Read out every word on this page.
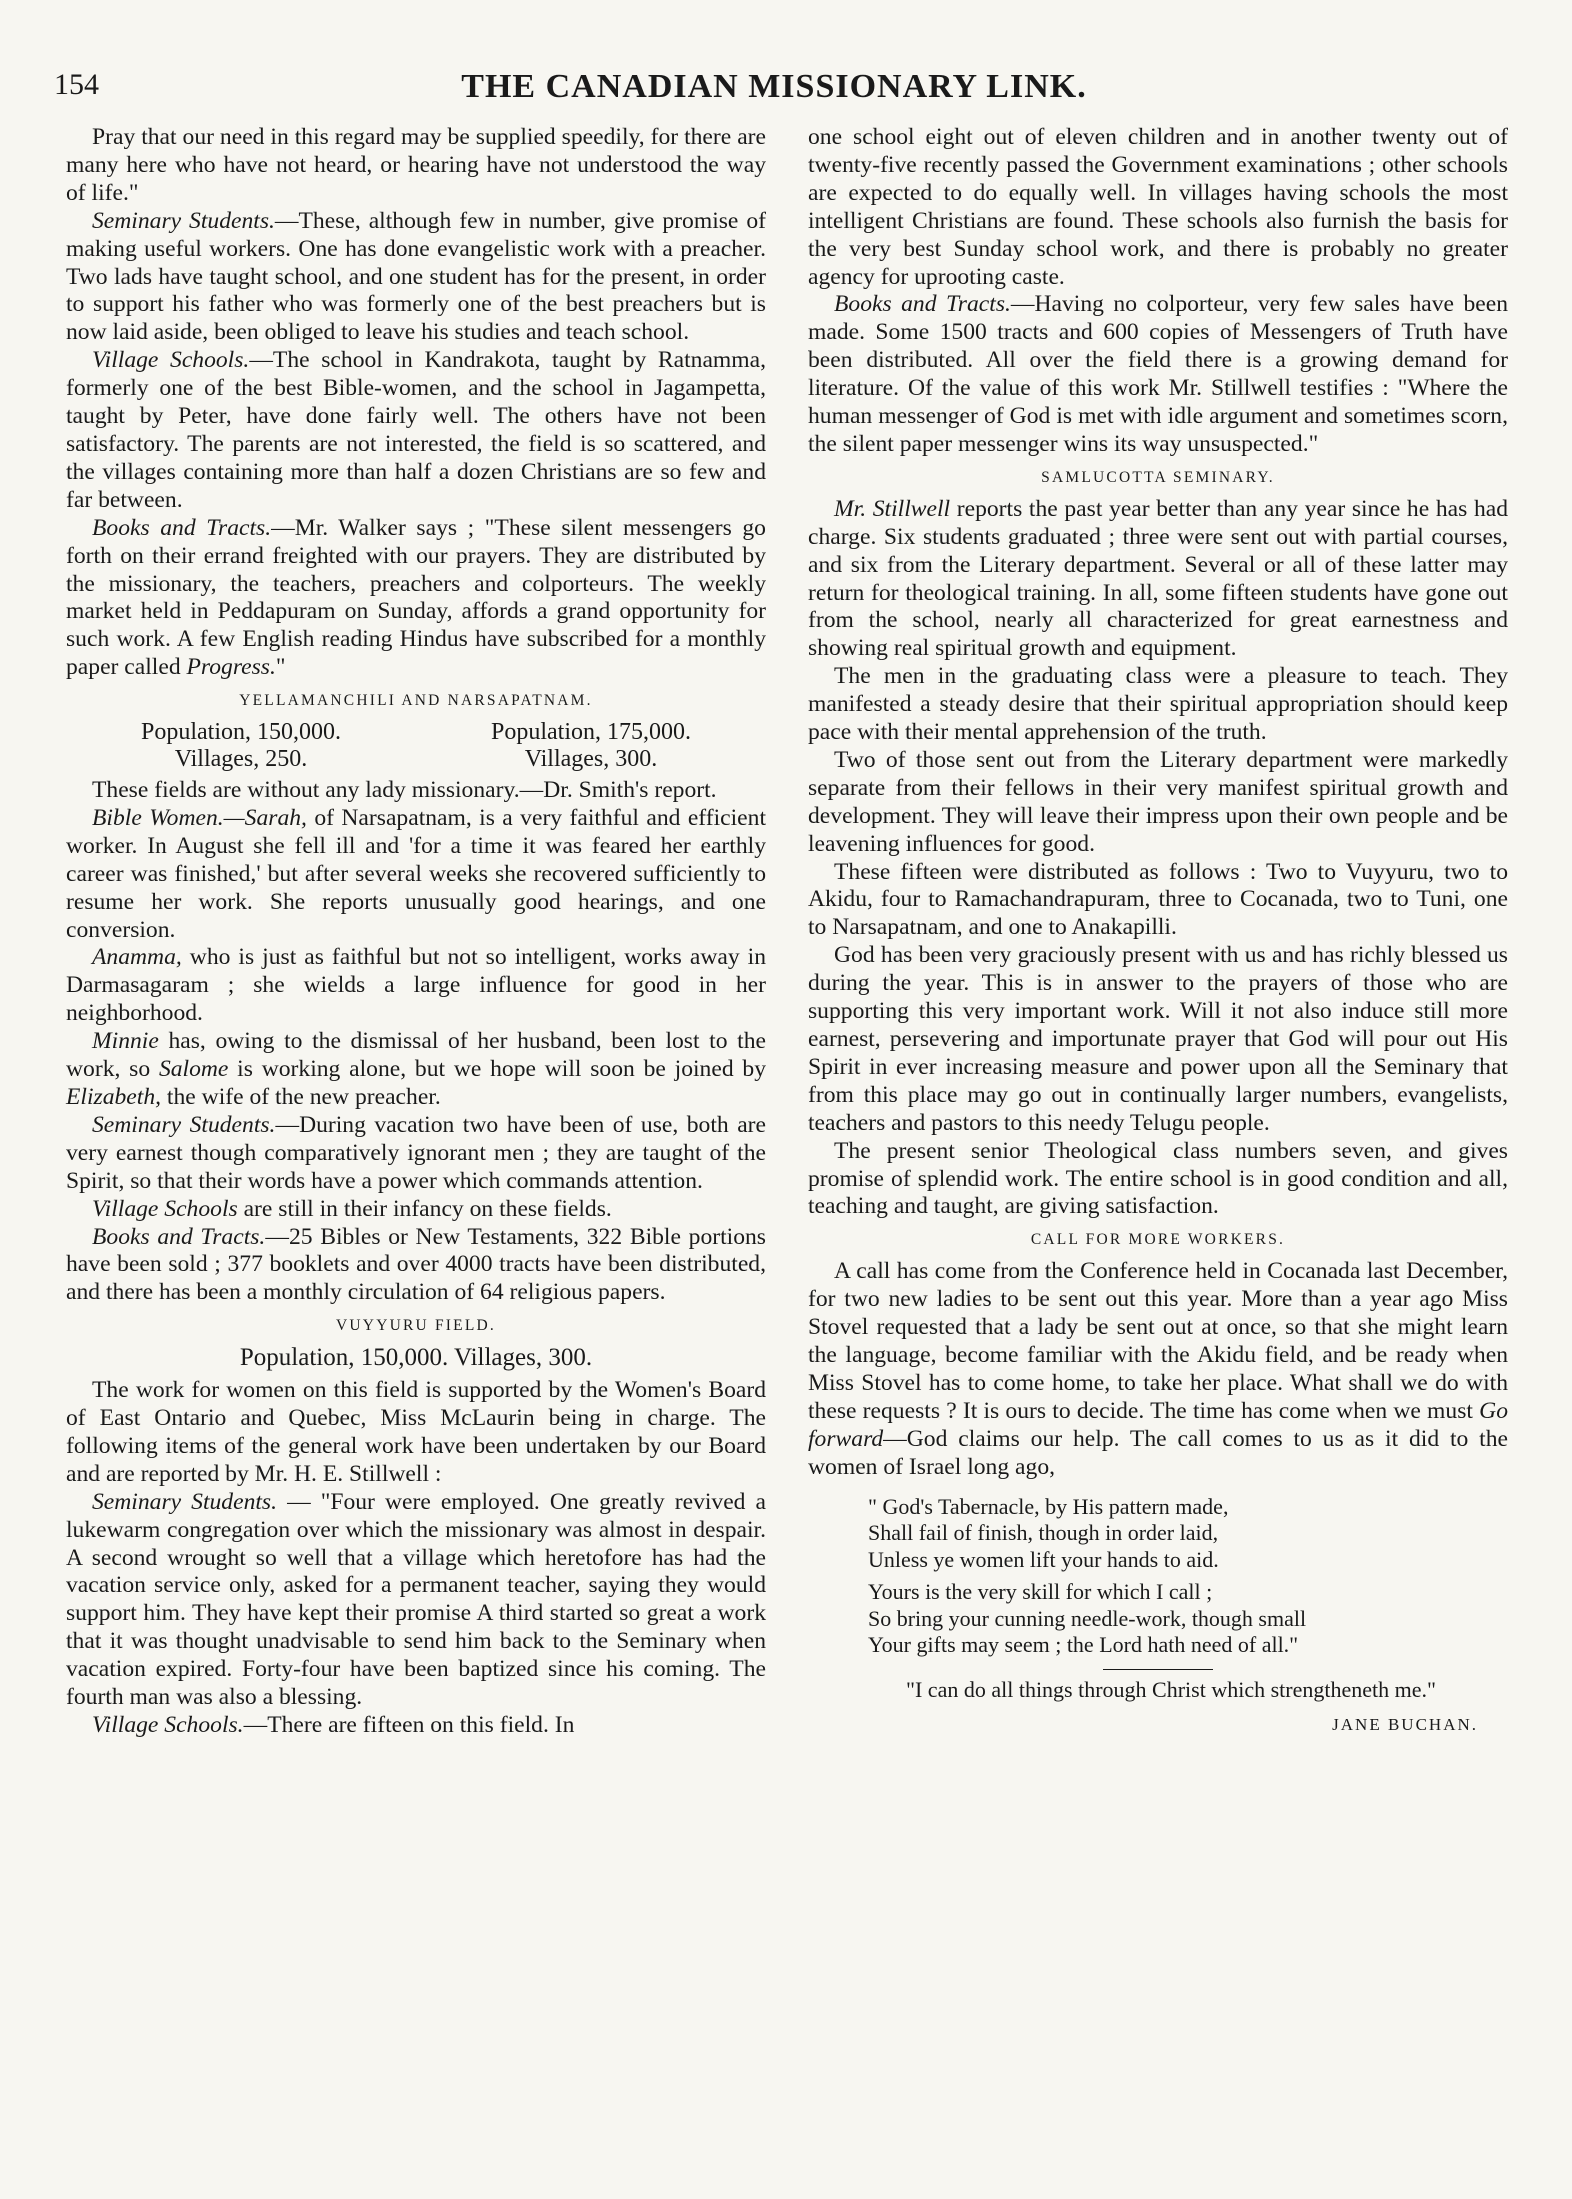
154	THE CANADIAN MISSIONARY LINK.

Pray that our need in this regard may be supplied speedily, for there are many here who have not heard, or hearing have not understood the way of life."

Seminary Students.—These, although few in number, give promise of making useful workers. One has done evangelistic work with a preacher. Two lads have taught school, and one student has for the present, in order to support his father who was formerly one of the best preachers but is now laid aside, been obliged to leave his studies and teach school.

Village Schools.—The school in Kandrakota, taught by Ratnamma, formerly one of the best Bible-women, and the school in Jagampetta, taught by Peter, have done fairly well. The others have not been satisfactory. The parents are not interested, the field is so scattered, and the villages containing more than half a dozen Christians are so few and far between.

Books and Tracts.—Mr. Walker says ; "These silent messengers go forth on their errand freighted with our prayers. They are distributed by the missionary, the teachers, preachers and colporteurs. The weekly market held in Peddapuram on Sunday, affords a grand opportunity for such work. A few English reading Hindus have subscribed for a monthly paper called Progress."

YELLAMANCHILI AND NARSAPATNAM.
Population, 150,000.	Population, 175,000.
Villages, 250.	Villages, 300.

These fields are without any lady missionary.—Dr. Smith's report.

Bible Women.—Sarah, of Narsapatnam, is a very faithful and efficient worker. In August she fell ill and 'for a time it was feared her earthly career was finished,' but after several weeks she recovered sufficiently to resume her work. She reports unusually good hearings, and one conversion.

Anamma, who is just as faithful but not so intelligent, works away in Darmasagaram ; she wields a large influence for good in her neighborhood.

Minnie has, owing to the dismissal of her husband, been lost to the work, so Salome is working alone, but we hope will soon be joined by Elizabeth, the wife of the new preacher.

Seminary Students.—During vacation two have been of use, both are very earnest though comparatively ignorant men ; they are taught of the Spirit, so that their words have a power which commands attention.

Village Schools are still in their infancy on these fields.

Books and Tracts.—25 Bibles or New Testaments, 322 Bible portions have been sold ; 377 booklets and over 4000 tracts have been distributed, and there has been a monthly circulation of 64 religious papers.

VUYYURU FIELD.
Population, 150,000. Villages, 300.

The work for women on this field is supported by the Women's Board of East Ontario and Quebec, Miss McLaurin being in charge. The following items of the general work have been undertaken by our Board and are reported by Mr. H. E. Stillwell :

Seminary Students. — "Four were employed. One greatly revived a lukewarm congregation over which the missionary was almost in despair. A second wrought so well that a village which heretofore has had the vacation service only, asked for a permanent teacher, saying they would support him. They have kept their promise A third started so great a work that it was thought unadvisable to send him back to the Seminary when vacation expired. Forty-four have been baptized since his coming. The fourth man was also a blessing.

Village Schools.—There are fifteen on this field. In

one school eight out of eleven children and in another twenty out of twenty-five recently passed the Government examinations ; other schools are expected to do equally well. In villages having schools the most intelligent Christians are found. These schools also furnish the basis for the very best Sunday school work, and there is probably no greater agency for uprooting caste.

Books and Tracts.—Having no colporteur, very few sales have been made. Some 1500 tracts and 600 copies of Messengers of Truth have been distributed. All over the field there is a growing demand for literature. Of the value of this work Mr. Stillwell testifies : "Where the human messenger of God is met with idle argument and sometimes scorn, the silent paper messenger wins its way unsuspected."

SAMLUCOTTA SEMINARY.

Mr. Stillwell reports the past year better than any year since he has had charge. Six students graduated ; three were sent out with partial courses, and six from the Literary department. Several or all of these latter may return for theological training. In all, some fifteen students have gone out from the school, nearly all characterized for great earnestness and showing real spiritual growth and equipment.

The men in the graduating class were a pleasure to teach. They manifested a steady desire that their spiritual appropriation should keep pace with their mental apprehension of the truth.

Two of those sent out from the Literary department were markedly separate from their fellows in their very manifest spiritual growth and development. They will leave their impress upon their own people and be leavening influences for good.

These fifteen were distributed as follows : Two to Vuyyuru, two to Akidu, four to Ramachandrapuram, three to Cocanada, two to Tuni, one to Narsapatnam, and one to Anakapilli.

God has been very graciously present with us and has richly blessed us during the year. This is in answer to the prayers of those who are supporting this very important work. Will it not also induce still more earnest, persevering and importunate prayer that God will pour out His Spirit in ever increasing measure and power upon all the Seminary that from this place may go out in continually larger numbers, evangelists, teachers and pastors to this needy Telugu people.

The present senior Theological class numbers seven, and gives promise of splendid work. The entire school is in good condition and all, teaching and taught, are giving satisfaction.

CALL FOR MORE WORKERS.

A call has come from the Conference held in Cocanada last December, for two new ladies to be sent out this year. More than a year ago Miss Stovel requested that a lady be sent out at once, so that she might learn the language, become familiar with the Akidu field, and be ready when Miss Stovel has to come home, to take her place. What shall we do with these requests ? It is ours to decide. The time has come when we must Go forward—God claims our help. The call comes to us as it did to the women of Israel long ago,

" God's Tabernacle, by His pattern made,
Shall fail of finish, though in order laid,
Unless ye women lift your hands to aid.
Yours is the very skill for which I call ;
So bring your cunning needle-work, though small
Your gifts may seem ; the Lord hath need of all."

"I can do all things through Christ which strengtheneth me."

JANE BUCHAN.
